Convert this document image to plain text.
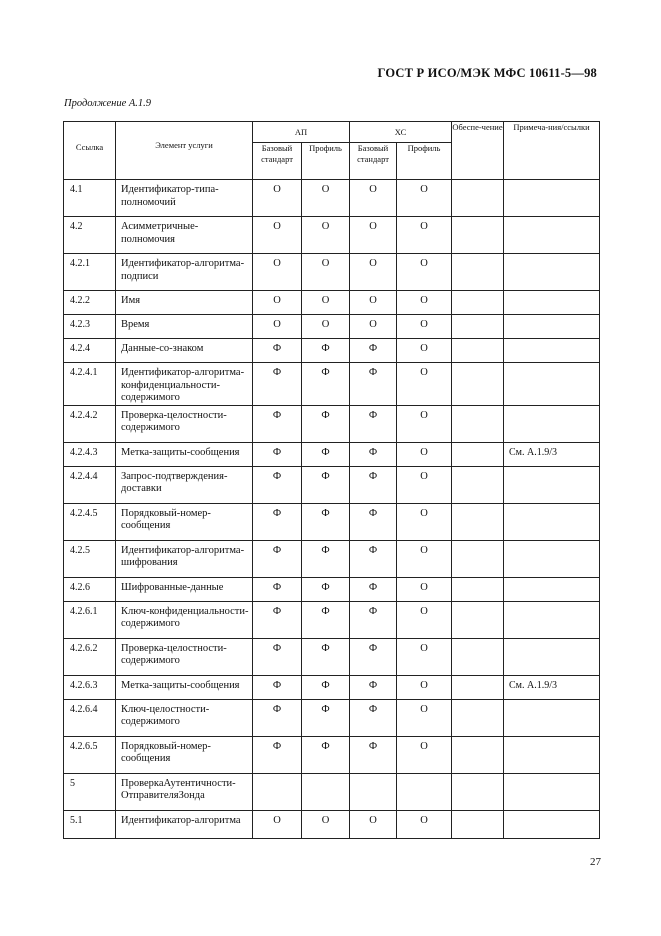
ГОСТ Р ИСО/МЭК МФС 10611-5—98
Продолжение А.1.9
Ссылка	Элемент услуги	АП		ХС		Обеспе-чение	Примеча-ния/ссылки
		Базовый стандарт	Профиль	Базовый стандарт	Профиль		
4.1	Идентификатор-типа-полномочий	О	О	О	О		
4.2	Асимметричные-полномочия	О	О	О	О		
4.2.1	Идентификатор-алгоритма-подписи	О	О	О	О		
4.2.2	Имя	О	О	О	О		
4.2.3	Время	О	О	О	О		
4.2.4	Данные-со-знаком	Ф	Ф	Ф	О		
4.2.4.1	Идентификатор-алгоритма-конфиденциальности-содержимого	Ф	Ф	Ф	О		
4.2.4.2	Проверка-целостности-содержимого	Ф	Ф	Ф	О		
4.2.4.3	Метка-защиты-сообщения	Ф	Ф	Ф	О		См. А.1.9/3
4.2.4.4	Запрос-подтверждения-доставки	Ф	Ф	Ф	О		
4.2.4.5	Порядковый-номер-сообщения	Ф	Ф	Ф	О		
4.2.5	Идентификатор-алгоритма-шифрования	Ф	Ф	Ф	О		
4.2.6	Шифрованные-данные	Ф	Ф	Ф	О		
4.2.6.1	Ключ-конфиденциальности-содержимого	Ф	Ф	Ф	О		
4.2.6.2	Проверка-целостности-содержимого	Ф	Ф	Ф	О		
4.2.6.3	Метка-защиты-сообщения	Ф	Ф	Ф	О		См. А.1.9/3
4.2.6.4	Ключ-целостности-содержимого	Ф	Ф	Ф	О		
4.2.6.5	Порядковый-номер-сообщения	Ф	Ф	Ф	О		
5	ПроверкаАутентичности-ОтправителяЗонда						
5.1	Идентификатор-алгоритма	О	О	О	О		
27
